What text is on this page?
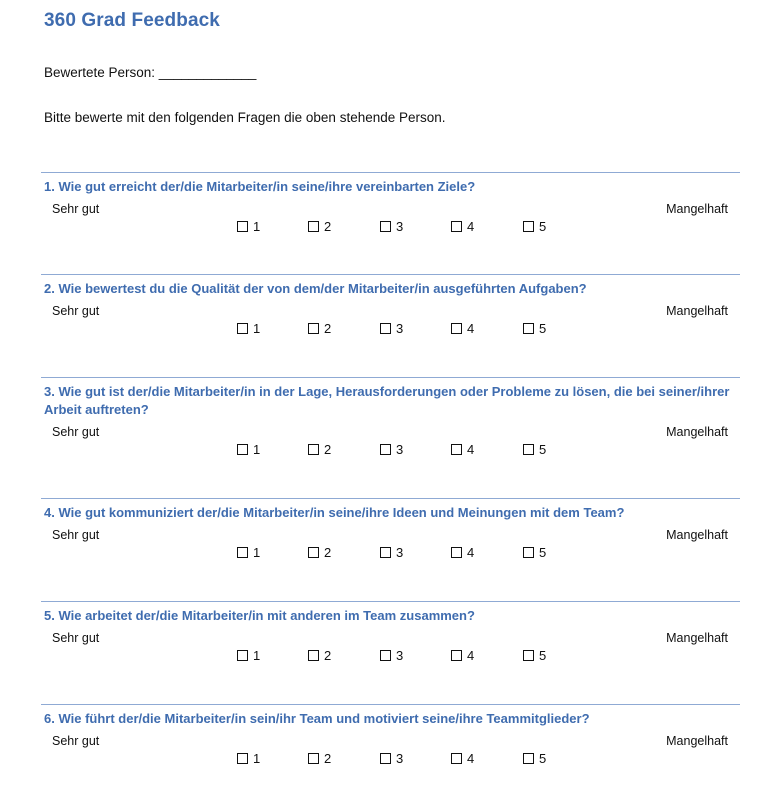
360 Grad Feedback
Bewertete Person: _____________
Bitte bewerte mit den folgenden Fragen die oben stehende Person.

1. Wie gut erreicht der/die Mitarbeiter/in seine/ihre vereinbarten Ziele?

Sehr gut	Mangelhaft
1	2	3	4	5

2. Wie bewertest du die Qualität der von dem/der Mitarbeiter/in ausgeführten Aufgaben?

Sehr gut	Mangelhaft
1	2	3	4	5

3. Wie gut ist der/die Mitarbeiter/in in der Lage, Herausforderungen oder Probleme zu lösen, die bei seiner/ihrer Arbeit auftreten?

Sehr gut	Mangelhaft
1	2	3	4	5

4. Wie gut kommuniziert der/die Mitarbeiter/in seine/ihre Ideen und Meinungen mit dem Team?

Sehr gut	Mangelhaft
1	2	3	4	5

5. Wie arbeitet der/die Mitarbeiter/in mit anderen im Team zusammen?

Sehr gut	Mangelhaft
1	2	3	4	5

6. Wie führt der/die Mitarbeiter/in sein/ihr Team und motiviert seine/ihre Teammitglieder?

Sehr gut	Mangelhaft
1	2	3	4	5
